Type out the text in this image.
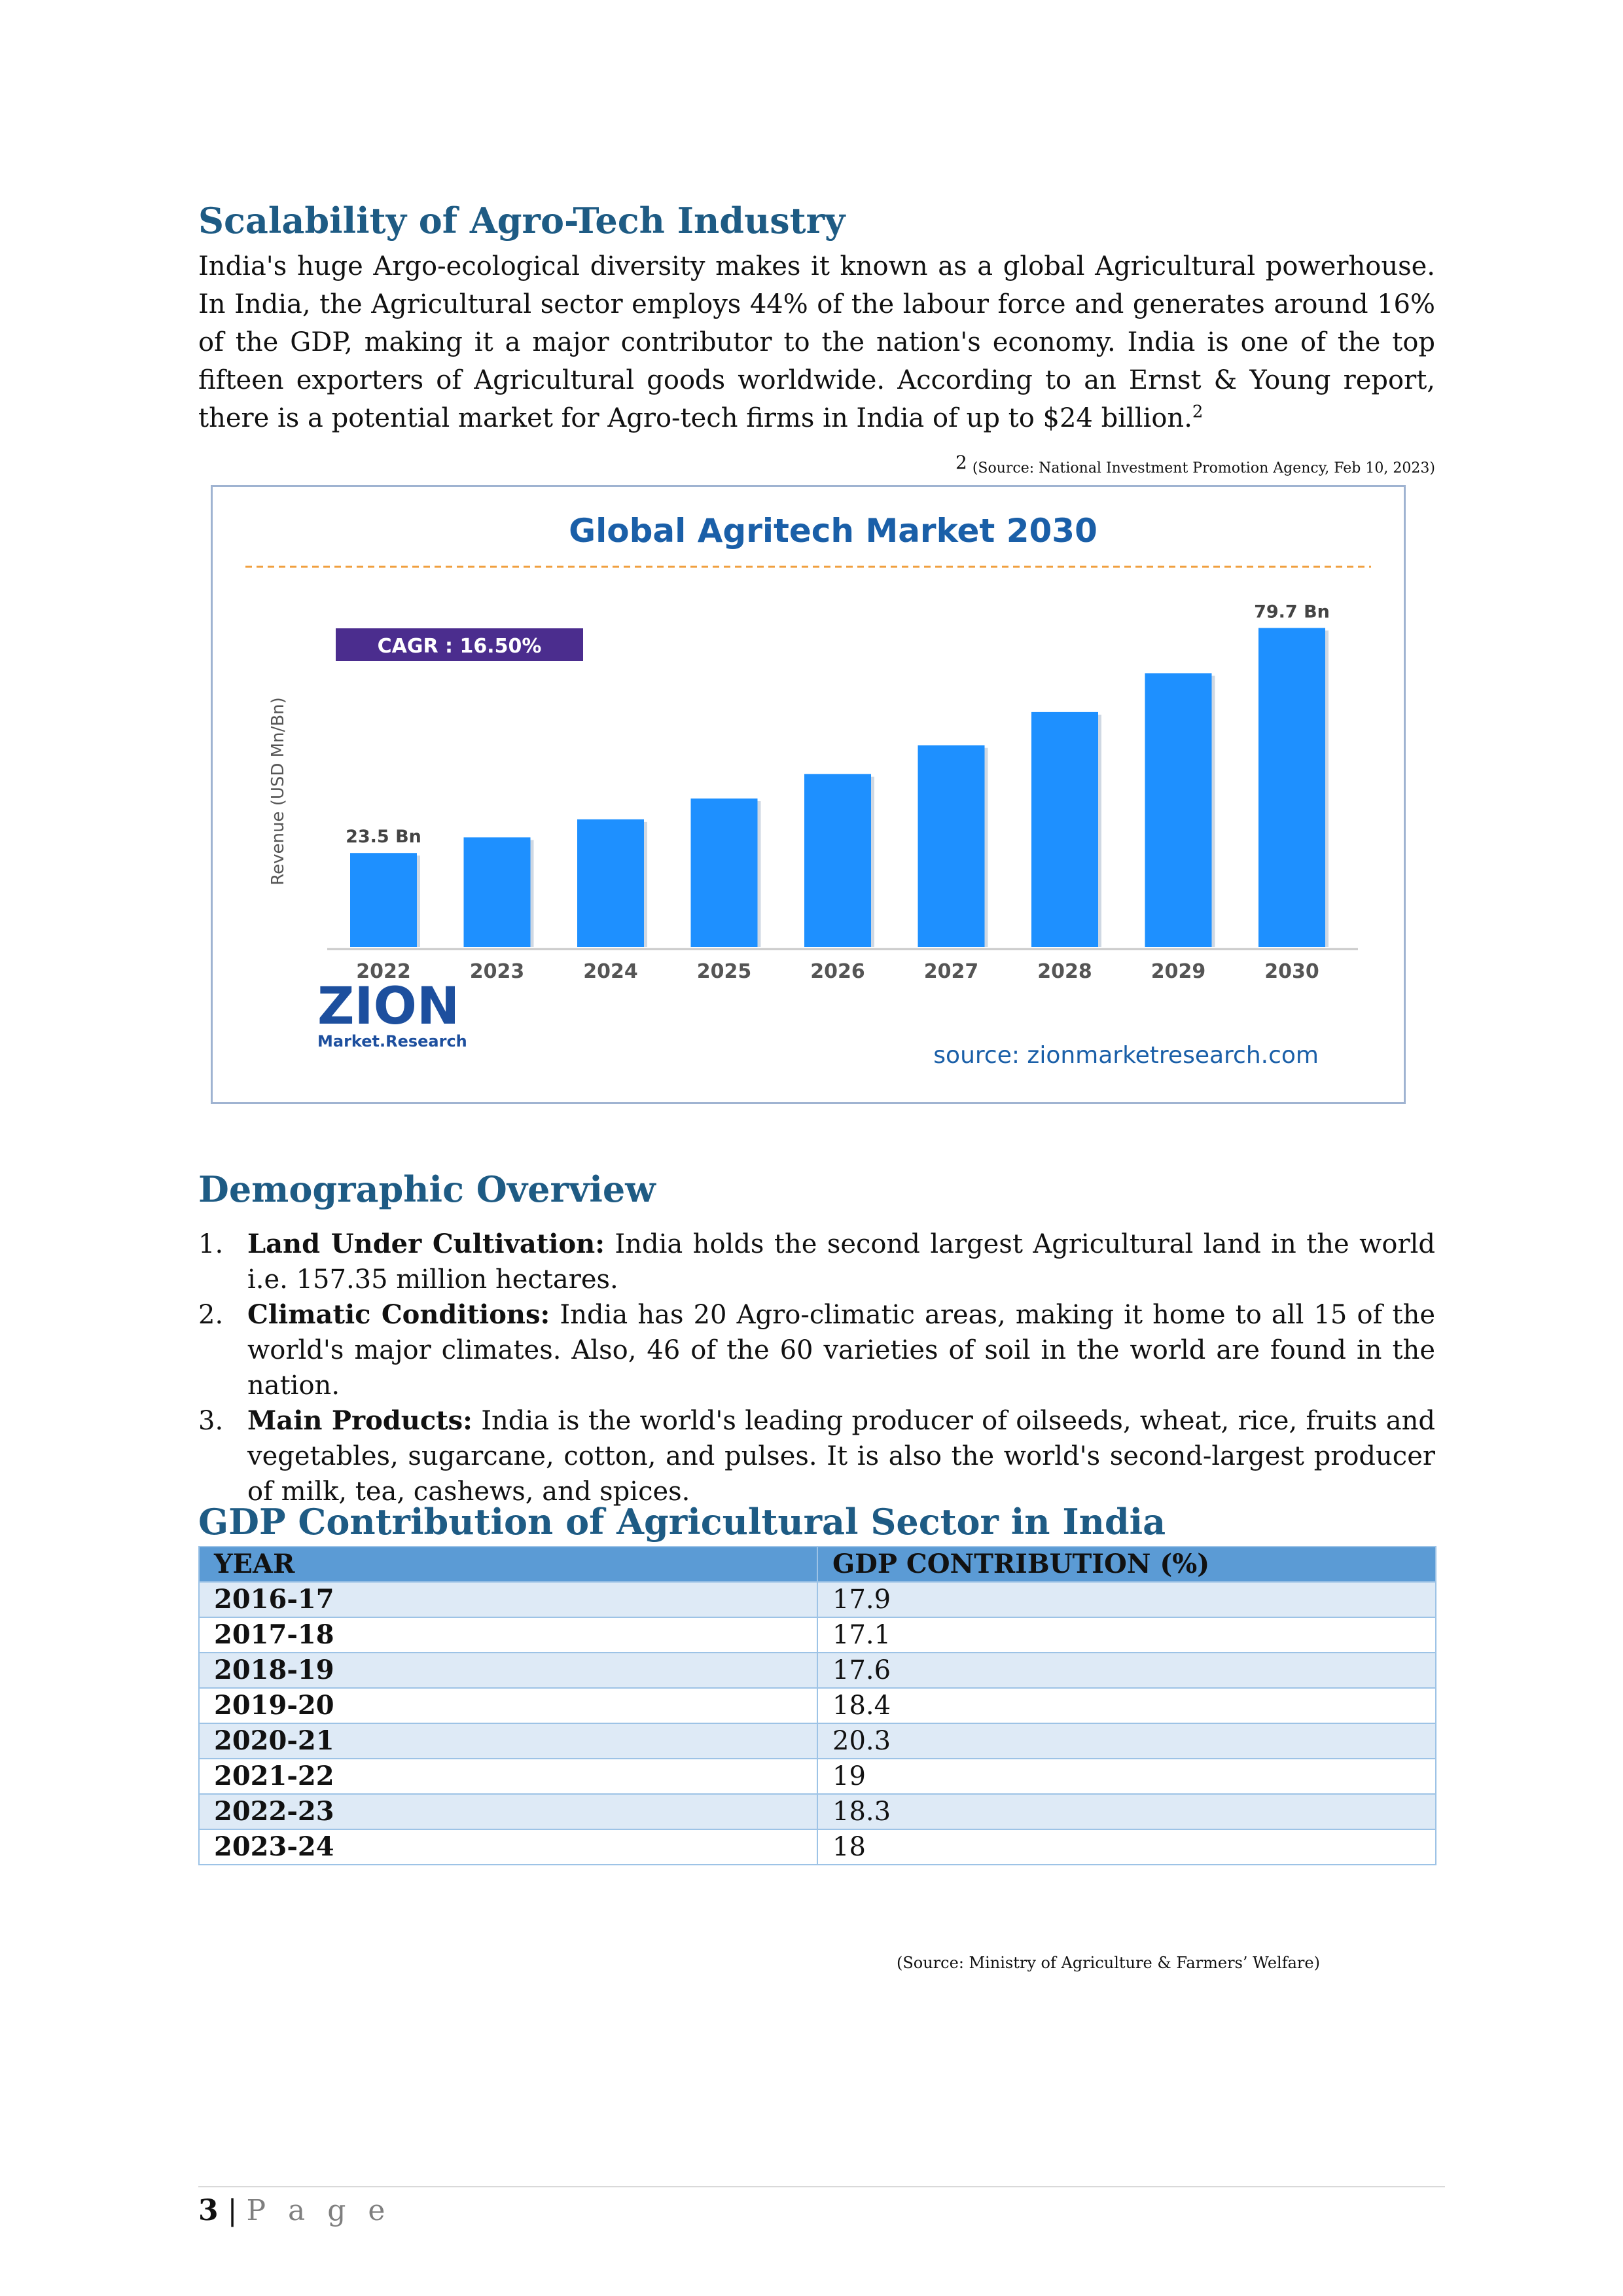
Scalability of Agro-Tech Industry

India's huge Argo-ecological diversity makes it known as a global Agricultural powerhouse. In India, the Agricultural sector employs 44% of the labour force and generates around 16% of the GDP, making it a major contributor to the nation's economy. India is one of the top fifteen exporters of Agricultural goods worldwide. According to an Ernst & Young report, there is a potential market for Agro-tech firms in India of up to $24 billion.$^2$

2 (Source: National Investment Promotion Agency, Feb 10, 2023)
Global Agritech Market 2030
CAGR : 16.50%
Revenue (USD Mn/Bn)
2022
23.5 Bn
2023	2024	2025	2026	2027	2028	2029	2030
79.7 Bn
ZION
Market.Research
source: zionmarketresearch.com
Demographic Overview
1. Land Under Cultivation: India holds the second largest Agricultural land in the world i.e. 157.35 million hectares.
2. Climatic Conditions: India has 20 Agro-climatic areas, making it home to all 15 of the world's major climates. Also, 46 of the 60 varieties of soil in the world are found in the nation.
3. Main Products: India is the world's leading producer of oilseeds, wheat, rice, fruits and vegetables, sugarcane, cotton, and pulses. It is also the world's second-largest producer of milk, tea, cashews, and spices.
GDP Contribution of Agricultural Sector in India
YEAR	GDP CONTRIBUTION (%)
2016-17	17.9
2017-18	17.1
2018-19	17.6
2019-20	18.4
2020-21	20.3
2021-22	19
2022-23	18.3
2023-24	18
(Source: Ministry of Agriculture & Farmers’ Welfare)
3 | P a g e
